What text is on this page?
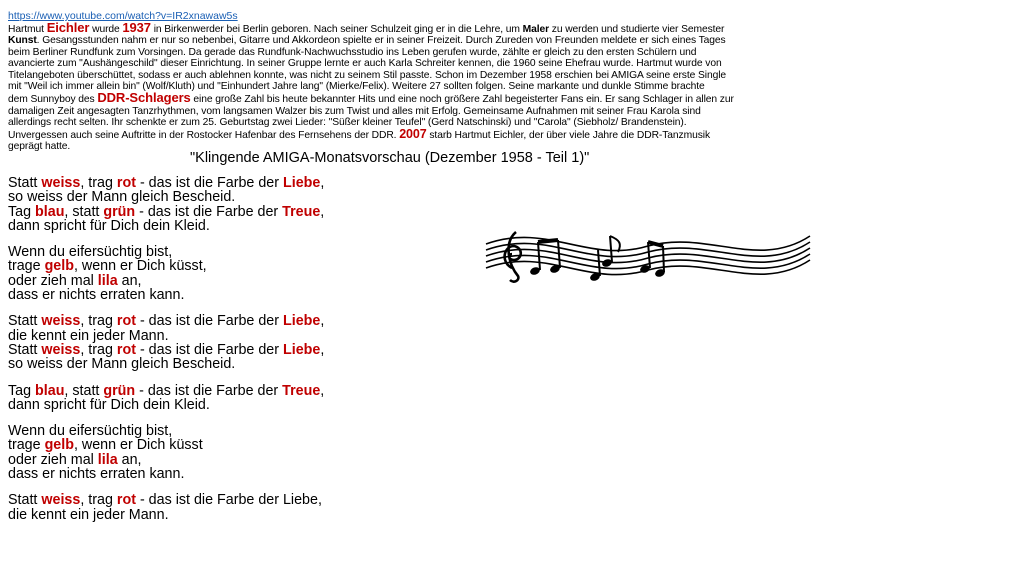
https://www.youtube.com/watch?v=IR2xnawaw5s
Hartmut Eichler wurde 1937 in Birkenwerder bei Berlin geboren. Nach seiner Schulzeit ging er in die Lehre, um Maler zu werden und studierte vier Semester
Kunst. Gesangsstunden nahm er nur so nebenbei, Gitarre und Akkordeon spielte er in seiner Freizeit. Durch Zureden von Freunden meldete er sich eines Tages
beim Berliner Rundfunk zum Vorsingen. Da gerade das Rundfunk-Nachwuchsstudio ins Leben gerufen wurde, zählte er gleich zu den ersten Schülern und
avancierte zum "Aushängeschild" dieser Einrichtung. In seiner Gruppe lernte er auch Karla Schreiter kennen, die 1960 seine Ehefrau wurde. Hartmut wurde von
Titelangeboten überschüttet, sodass er auch ablehnen konnte, was nicht zu seinem Stil passte. Schon im Dezember 1958 erschien bei AMIGA seine erste Single
mit "Weil ich immer allein bin" (Wolf/Kluth) und "Einhundert Jahre lang" (Mierke/Felix). Weitere 27 sollten folgen. Seine markante und dunkle Stimme brachte
dem Sunnyboy des DDR-Schlagers eine große Zahl bis heute bekannter Hits und eine noch größere Zahl begeisterter Fans ein. Er sang Schlager in allen zur
damaligen Zeit angesagten Tanzrhythmen, vom langsamen Walzer bis zum Twist und alles mit Erfolg. Gemeinsame Aufnahmen mit seiner Frau Karola sind
allerdings recht selten. Ihr schenkte er zum 25. Geburtstag zwei Lieder: "Süßer kleiner Teufel" (Gerd Natschinski) und "Carola" (Siebholz/ Brandenstein).
Unvergessen auch seine Auftritte in der Rostocker Hafenbar des Fernsehens der DDR. 2007 starb Hartmut Eichler, der über viele Jahre die DDR-Tanzmusik
geprägt hatte.
"Klingende AMIGA-Monatsvorschau (Dezember 1958 - Teil 1)"
Statt weiss, trag rot - das ist die Farbe der Liebe,
so weiss der Mann gleich Bescheid.
Tag blau, statt grün - das ist die Farbe der Treue,
dann spricht für Dich dein Kleid.
Wenn du eifersüchtig bist,
trage gelb, wenn er Dich küsst,
oder zieh mal lila an,
dass er nichts erraten kann.
Statt weiss, trag rot - das ist die Farbe der Liebe,
die kennt ein jeder Mann.
Statt weiss, trag rot - das ist die Farbe der Liebe,
so weiss der Mann gleich Bescheid.
Tag blau, statt grün - das ist die Farbe der Treue,
dann spricht für Dich dein Kleid.
Wenn du eifersüchtig bist,
trage gelb, wenn er Dich küsst
oder zieh mal lila an,
dass er nichts erraten kann.
Statt weiss, trag rot - das ist die Farbe der Liebe,
die kennt ein jeder Mann.
